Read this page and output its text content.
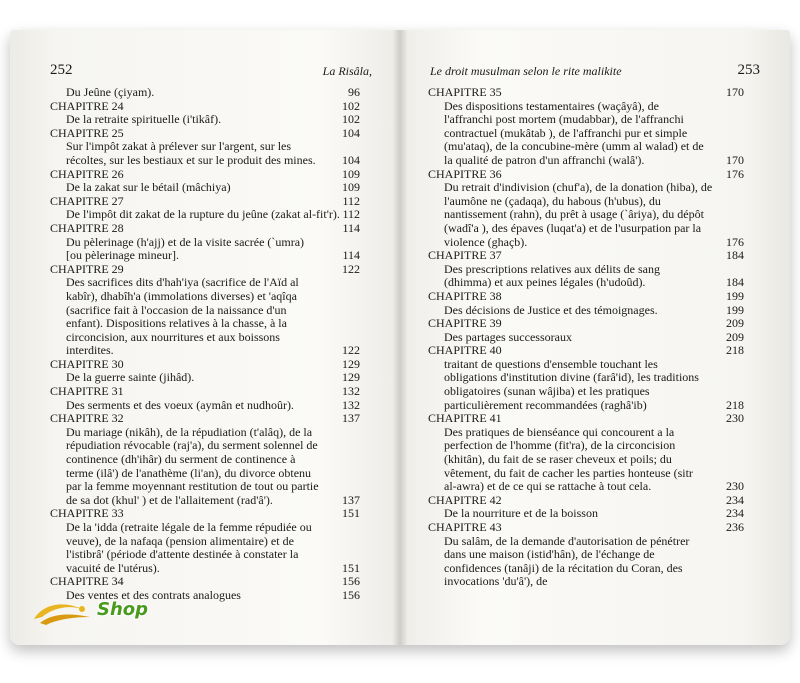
252	La Risâla,
Du Jeûne (çiyam).	96
CHAPITRE 24	102
De la retraite spirituelle (i'tikâf).	102
CHAPITRE 25	104
Sur l'impôt zakat à prélever sur l'argent, sur les récoltes, sur les bestiaux et sur le produit des mines. 104
CHAPITRE 26	109
De la zakat sur le bétail (mâchiya)	109
CHAPITRE 27	112
De l'impôt dit zakat de la rupture du jeûne (zakat al-fit'r). 112
CHAPITRE 28	114
Du pèlerinage (h'ajj) et de la visite sacrée (`umra) [ou pèlerinage mineur].	114
CHAPITRE 29	122
Des sacrifices dits d'hah'iya (sacrifice de l'Aïd al kabîr), dhabîh'a (immolations diverses) et 'aqîqa (sacrifice fait à l'occasion de la naissance d'un enfant). Dispositions relatives à la chasse, à la circoncision, aux nourritures et aux boissons interdites.	122
CHAPITRE 30	129
De la guerre sainte (jihâd).	129
CHAPITRE 31	132
Des serments et des voeux (aymân et nudhoûr).	132
CHAPITRE 32	137
Du mariage (nikâh), de la répudiation (t'alâq), de la répudiation révocable (raj'a), du serment solennel de continence (dh'ihâr) du serment de continence à terme (ilâ') de l'anathème (li'an), du divorce obtenu par la femme moyennant restitution de tout ou partie de sa dot (khul' ) et de l'allaitement (rad'â').	137
CHAPITRE 33	151
De la 'idda (retraite légale de la femme répudiée ou veuve), de la nafaqa (pension alimentaire) et de l'istibrâ' (période d'attente destinée à constater la vacuité de l'utérus).	151
CHAPITRE 34	156
Des ventes et des contrats analogues	156
Le droit musulman selon le rite malikite	253
CHAPITRE 35	170
Des dispositions testamentaires (waçâyâ), de l'affranchi post mortem (mudabbar), de l'affranchi contractuel (mukâtab ), de l'affranchi pur et simple (mu'ataq), de la concubine-mère (umm al walad) et de la qualité de patron d'un affranchi (walâ').	170
CHAPITRE 36	176
Du retrait d'indivision (chuf'a), de la donation (hiba), de l'aumône ne (çadaqa), du habous (h'ubus), du nantissement (rahn), du prêt à usage (`âriya), du dépôt (wadî'a ), des épaves (luqat'a) et de l'usurpation par la violence (ghaçb).	176
CHAPITRE 37	184
Des prescriptions relatives aux délits de sang (dhimma) et aux peines légales (h'udoûd).	184
CHAPITRE 38	199
Des décisions de Justice et des témoignages.	199
CHAPITRE 39	209
Des partages successoraux	209
CHAPITRE 40	218
traitant de questions d'ensemble touchant les obligations d'institution divine (farâ'id), les traditions obligatoires (sunan wâjiba) et les pratiques particulièrement recommandées (raghâ'ib)	218
CHAPITRE 41	230
Des pratiques de bienséance qui concourent a la perfection de l'homme (fit'ra), de la circoncision (khitân), du fait de se raser cheveux et poils; du vêtement, du fait de cacher les parties honteuse (sitr al-awra) et de ce qui se rattache à tout cela.	230
CHAPITRE 42	234
De la nourriture et de la boisson	234
CHAPITRE 43	236
Du salâm, de la demande d'autorisation de pénétrer dans une maison (istid'hân), de l'échange de confidences (tanâji) de la récitation du Coran, des invocations 'du'â'), de
Shop
